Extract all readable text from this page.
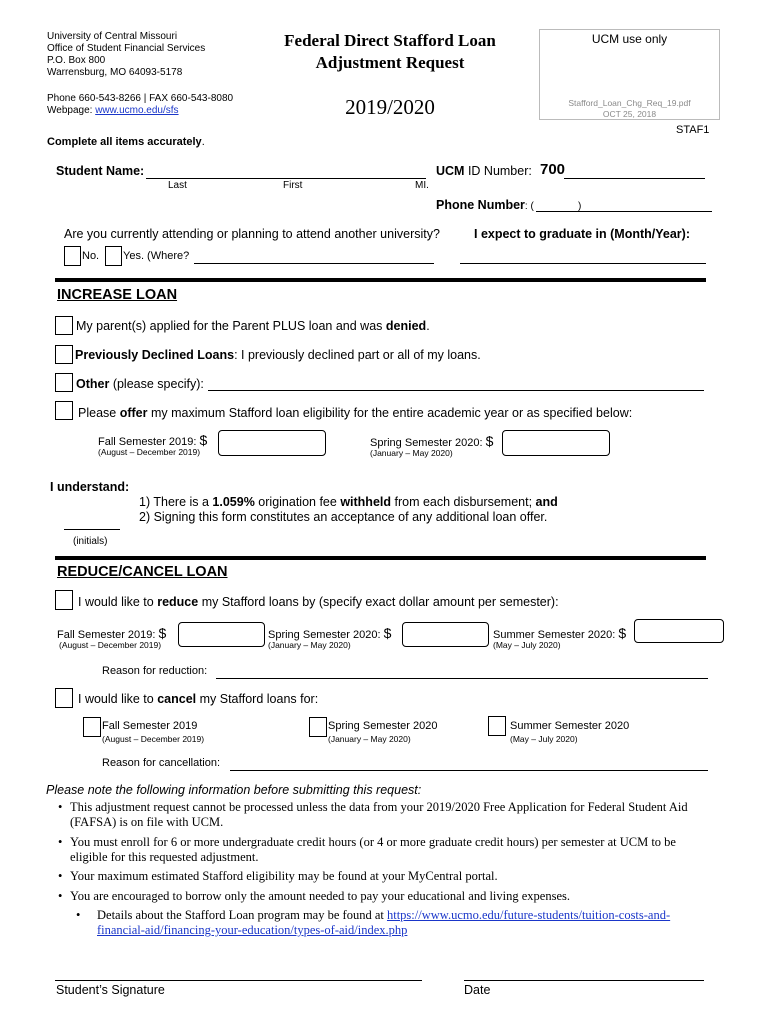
University of Central Missouri
Office of Student Financial Services
P.O. Box 800
Warrensburg, MO 64093-5178
Phone 660-543-8266 | FAX 660-543-8080
Webpage: www.ucmo.edu/sfs
Federal Direct Stafford Loan
Adjustment Request
2019/2020
UCM use only
Stafford_Loan_Chg_Req_19.pdf
OCT 25, 2018
STAF1
Complete all items accurately.
Student Name:
Last	First	MI.
UCM ID Number: 700
Phone Number: (	)
Are you currently attending or planning to attend another university?	I expect to graduate in (Month/Year):
No. Yes. (Where?
INCREASE LOAN
My parent(s) applied for the Parent PLUS loan and was denied.
Previously Declined Loans: I previously declined part or all of my loans.
Other (please specify):
Please offer my maximum Stafford loan eligibility for the entire academic year or as specified below:
Fall Semester 2019: $
(August – December 2019)
Spring Semester 2020: $
(January – May 2020)
I understand:
1) There is a 1.059% origination fee withheld from each disbursement; and
2) Signing this form constitutes an acceptance of any additional loan offer.
(initials)
REDUCE/CANCEL LOAN
I would like to reduce my Stafford loans by (specify exact dollar amount per semester):
Fall Semester 2019: $
(August – December 2019)
Spring Semester 2020: $
(January – May 2020)
Summer Semester 2020: $
(May – July 2020)
Reason for reduction:
I would like to cancel my Stafford loans for:
Fall Semester 2019
(August – December 2019)
Spring Semester 2020
(January – May 2020)
Summer Semester 2020
(May – July 2020)
Reason for cancellation:
Please note the following information before submitting this request:
• This adjustment request cannot be processed unless the data from your 2019/2020 Free Application for Federal Student Aid (FAFSA) is on file with UCM.
• You must enroll for 6 or more undergraduate credit hours (or 4 or more graduate credit hours) per semester at UCM to be eligible for this requested adjustment.
• Your maximum estimated Stafford eligibility may be found at your MyCentral portal.
• You are encouraged to borrow only the amount needed to pay your educational and living expenses.
• Details about the Stafford Loan program may be found at https://www.ucmo.edu/future-students/tuition-costs-and-
financial-aid/financing-your-education/types-of-aid/index.php
Student’s Signature	Date
